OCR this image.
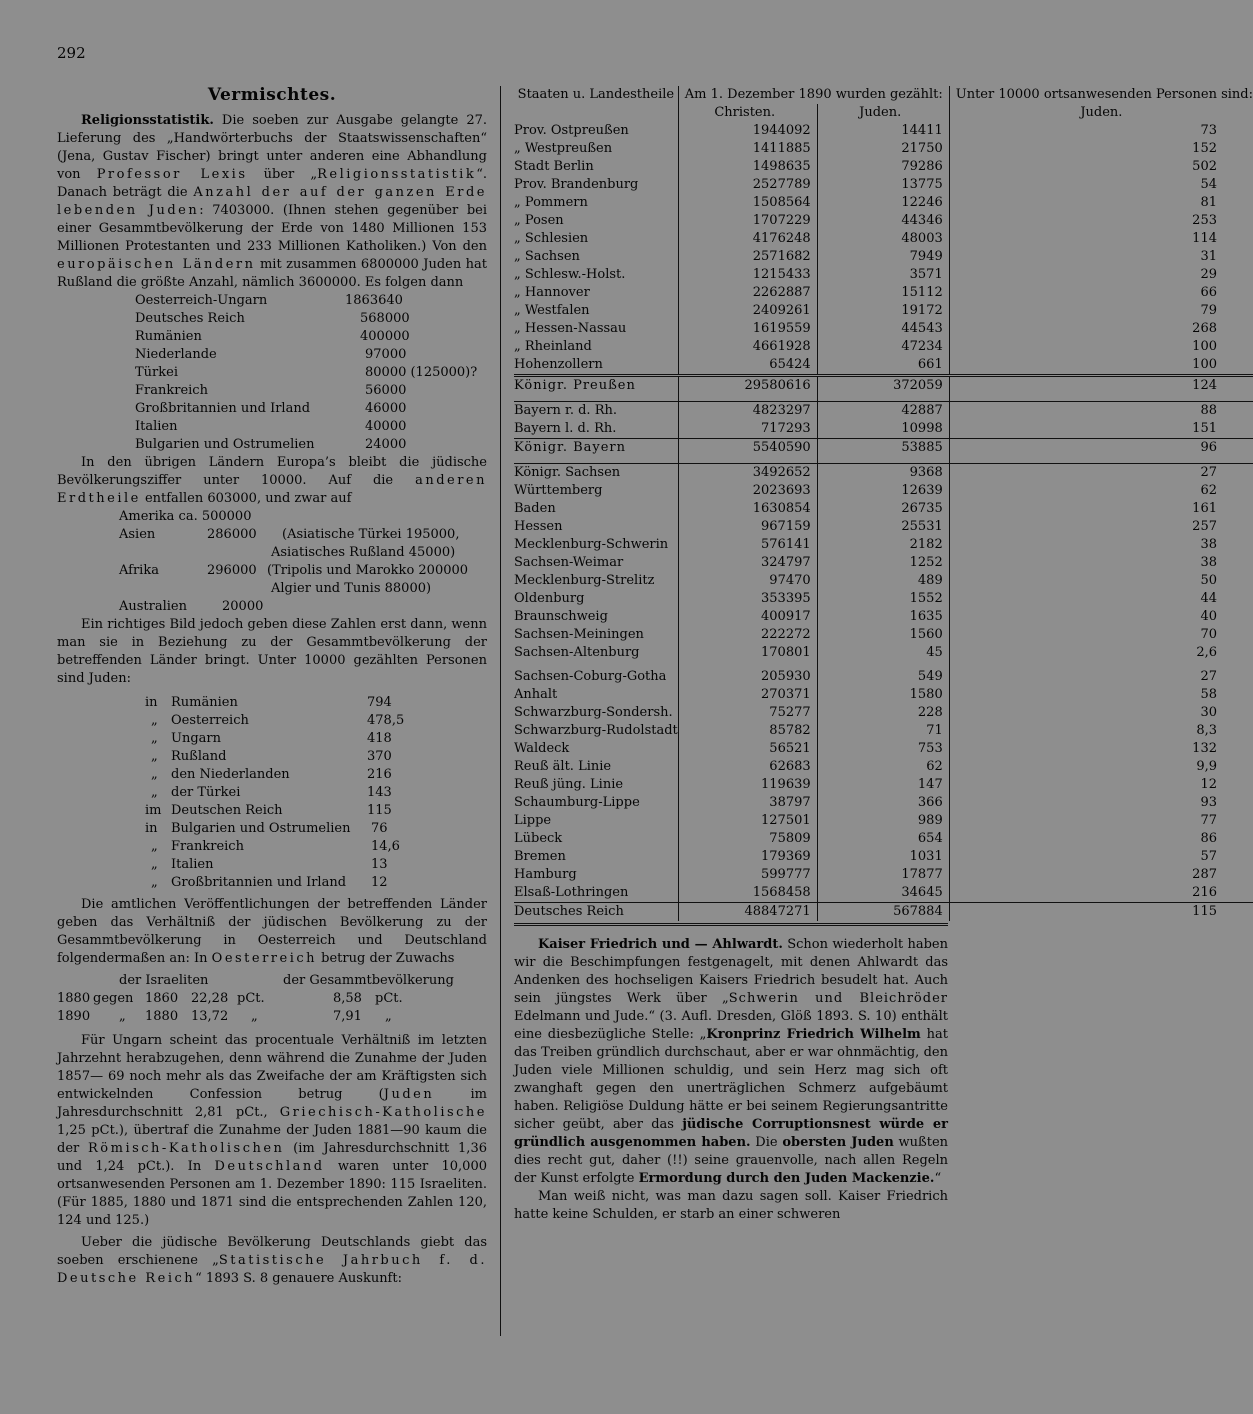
292
Vermischtes.

Religionsstatistik. Die soeben zur Ausgabe gelangte 27. Lieferung des „Handwörterbuchs der Staatswissenschaften“ (Jena, Gustav Fischer) bringt unter anderen eine Abhandlung von Professor Lexis über „Religionsstatistik“. Danach beträgt die Anzahl der auf der ganzen Erde lebenden Juden: 7403000. (Ihnen stehen gegenüber bei einer Gesammtbevölkerung der Erde von 1480 Millionen 153 Millionen Protestanten und 233 Millionen Katholiken.) Von den europäischen Ländern mit zusammen 6800000 Juden hat Rußland die größte Anzahl, nämlich 3600000. Es folgen dann

Oesterreich-Ungarn	1863640
Deutsches Reich	568000
Rumänien	400000
Niederlande	97000
Türkei	80000 (125000)?
Frankreich	56000
Großbritannien und Irland	46000
Italien	40000
Bulgarien und Ostrumelien	24000

In den übrigen Ländern Europa’s bleibt die jüdische Bevölkerungsziffer unter 10000. Auf die anderen Erdtheile entfallen 603000, und zwar auf

Amerika ca. 500000
Asien	286000 (Asiatische Türkei 195000,
Asiatisches Rußland 45000)
Afrika	296000 (Tripolis und Marokko 200000
Algier und Tunis 88000)
Australien	20000

Ein richtiges Bild jedoch geben diese Zahlen erst dann, wenn man sie in Beziehung zu der Gesammtbevölkerung der betreffenden Länder bringt. Unter 10000 gezählten Personen sind Juden:

in Rumänien	794
„ Oesterreich	478,5
„ Ungarn	418
„ Rußland	370
„ den Niederlanden	216
„ der Türkei	143
im Deutschen Reich	115
in Bulgarien und Ostrumelien 76
„ Frankreich	14,6
„ Italien	13
„ Großbritannien und Irland 12

Die amtlichen Veröffentlichungen der betreffenden Länder geben das Verhältniß der jüdischen Bevölkerung zu der Gesammtbevölkerung in Oesterreich und Deutschland folgendermaßen an: In Oesterreich betrug der Zuwachs

der Israeliten	der Gesammtbevölkerung
1880 gegen 1860 22,28 pCt.	8,58 pCt.
1890 „ 1880 13,72 „	7,91 „

Für Ungarn scheint das procentuale Verhältniß im letzten Jahrzehnt herabzugehen, denn während die Zunahme der Juden 1857— 69 noch mehr als das Zweifache der am Kräftigsten sich entwickelnden Confession betrug (Juden im Jahresdurchschnitt 2,81 pCt., Griechisch-Katholische 1,25 pCt.), übertraf die Zunahme der Juden 1881—90 kaum die der Römisch-Katholischen (im Jahresdurchschnitt 1,36 und 1,24 pCt.). In Deutschland waren unter 10,000 ortsanwesenden Personen am 1. Dezember 1890: 115 Israeliten. (Für 1885, 1880 und 1871 sind die entsprechenden Zahlen 120, 124 und 125.)

Ueber die jüdische Bevölkerung Deutschlands giebt das soeben erschienene „Statistische Jahrbuch f. d. Deutsche Reich“ 1893 S. 8 genauere Auskunft:

Staaten u. Landestheile	Am 1. Dezember 1890 wurden gezählt:		Unter 10000 ortsanwesenden Personen sind:
	Christen.	Juden.	Juden.
Prov. Ostpreußen	1944092	14411	73
„ Westpreußen	1411885	21750	152
Stadt Berlin	1498635	79286	502
Prov. Brandenburg	2527789	13775	54
„ Pommern	1508564	12246	81
„ Posen	1707229	44346	253
„ Schlesien	4176248	48003	114
„ Sachsen	2571682	7949	31
„ Schlesw.-Holst.	1215433	3571	29
„ Hannover	2262887	15112	66
„ Westfalen	2409261	19172	79
„ Hessen-Nassau	1619559	44543	268
„ Rheinland	4661928	47234	100
Hohenzollern	65424	661	100
Königr. Preußen	29580616	372059	124

Bayern r. d. Rh.	4823297	42887	88
Bayern l. d. Rh.	717293	10998	151
Königr. Bayern	5540590	53885	96

Königr. Sachsen	3492652	9368	27
Württemberg	2023693	12639	62
Baden	1630854	26735	161
Hessen	967159	25531	257
Mecklenburg-Schwerin	576141	2182	38
Sachsen-Weimar	324797	1252	38
Mecklenburg-Strelitz	97470	489	50
Oldenburg	353395	1552	44
Braunschweig	400917	1635	40
Sachsen-Meiningen	222272	1560	70
Sachsen-Altenburg	170801	45	2,6

Sachsen-Coburg-Gotha	205930	549	27
Anhalt	270371	1580	58
Schwarzburg-Sondersh.	75277	228	30
Schwarzburg-Rudolstadt	85782	71	8,3
Waldeck	56521	753	132
Reuß ält. Linie	62683	62	9,9
Reuß jüng. Linie	119639	147	12
Schaumburg-Lippe	38797	366	93
Lippe	127501	989	77
Lübeck	75809	654	86
Bremen	179369	1031	57
Hamburg	599777	17877	287
Elsaß-Lothringen	1568458	34645	216
Deutsches Reich	48847271	567884	115

Kaiser Friedrich und — Ahlwardt. Schon wiederholt haben wir die Beschimpfungen festgenagelt, mit denen Ahlwardt das Andenken des hochseligen Kaisers Friedrich besudelt hat. Auch sein jüngstes Werk über „Schwerin und Bleichröder Edelmann und Jude.“ (3. Aufl. Dresden, Glöß 1893. S. 10) enthält eine diesbezügliche Stelle: „Kronprinz Friedrich Wilhelm hat das Treiben gründlich durchschaut, aber er war ohnmächtig, den Juden viele Millionen schuldig, und sein Herz mag sich oft zwanghaft gegen den unerträglichen Schmerz aufgebäumt haben. Religiöse Duldung hätte er bei seinem Regierungsantritte sicher geübt, aber das jüdische Corruptionsnest würde er gründlich ausgenommen haben. Die obersten Juden wußten dies recht gut, daher (!!) seine grauenvolle, nach allen Regeln der Kunst erfolgte Ermordung durch den Juden Mackenzie.“

Man weiß nicht, was man dazu sagen soll. Kaiser Friedrich hatte keine Schulden, er starb an einer schweren
